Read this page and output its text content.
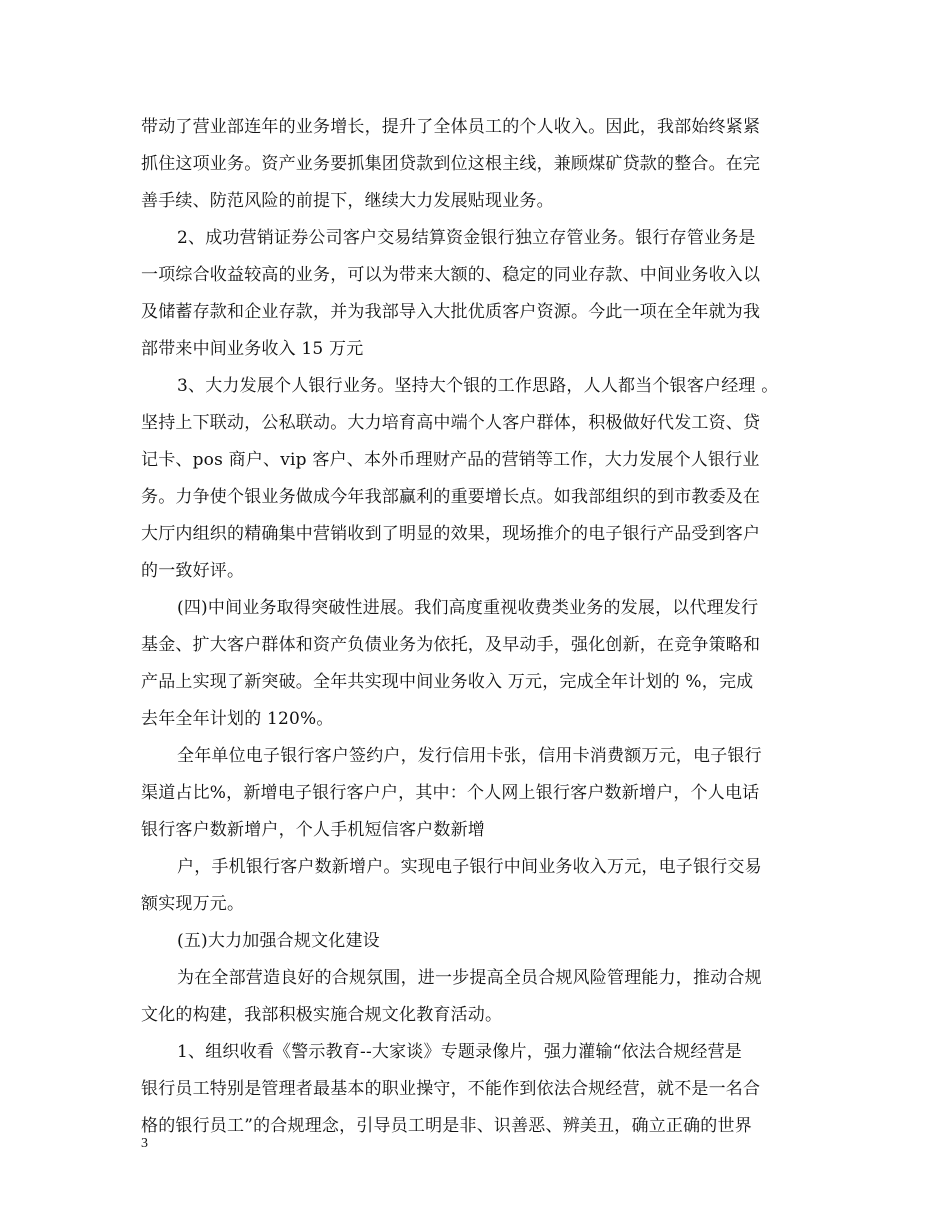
带动了营业部连年的业务增长，提升了全体员工的个人收入。因此，我部始终紧紧
抓住这项业务。资产业务要抓集团贷款到位这根主线，兼顾煤矿贷款的整合。在完
善手续、防范风险的前提下，继续大力发展贴现业务。
2、成功营销证券公司客户交易结算资金银行独立存管业务。银行存管业务是
一项综合收益较高的业务，可以为带来大额的、稳定的同业存款、中间业务收入以
及储蓄存款和企业存款，并为我部导入大批优质客户资源。今此一项在全年就为我
部带来中间业务收入 15 万元
3、大力发展个人银行业务。坚持大个银的工作思路，人人都当个银客户经理 。
坚持上下联动，公私联动。大力培育高中端个人客户群体，积极做好代发工资、贷
记卡、pos 商户、vip 客户、本外币理财产品的营销等工作，大力发展个人银行业
务。力争使个银业务做成今年我部赢利的重要增长点。如我部组织的到市教委及在
大厅内组织的精确集中营销收到了明显的效果，现场推介的电子银行产品受到客户
的一致好评。
(四)中间业务取得突破性进展。我们高度重视收费类业务的发展，以代理发行
基金、扩大客户群体和资产负债业务为依托，及早动手，强化创新，在竞争策略和
产品上实现了新突破。全年共实现中间业务收入 万元，完成全年计划的 %，完成
去年全年计划的 120%。
全年单位电子银行客户签约户，发行信用卡张，信用卡消费额万元，电子银行
渠道占比%，新增电子银行客户户，其中：个人网上银行客户数新增户，个人电话
银行客户数新增户，个人手机短信客户数新增
户，手机银行客户数新增户。实现电子银行中间业务收入万元，电子银行交易
额实现万元。
(五)大力加强合规文化建设
为在全部营造良好的合规氛围，进一步提高全员合规风险管理能力，推动合规
文化的构建，我部积极实施合规文化教育活动。
1、组织收看《警示教育--大家谈》专题录像片，强力灌输“依法合规经营是
银行员工特别是管理者最基本的职业操守，不能作到依法合规经营，就不是一名合
格的银行员工”的合规理念，引导员工明是非、识善恶、辨美丑，确立正确的世界
3
